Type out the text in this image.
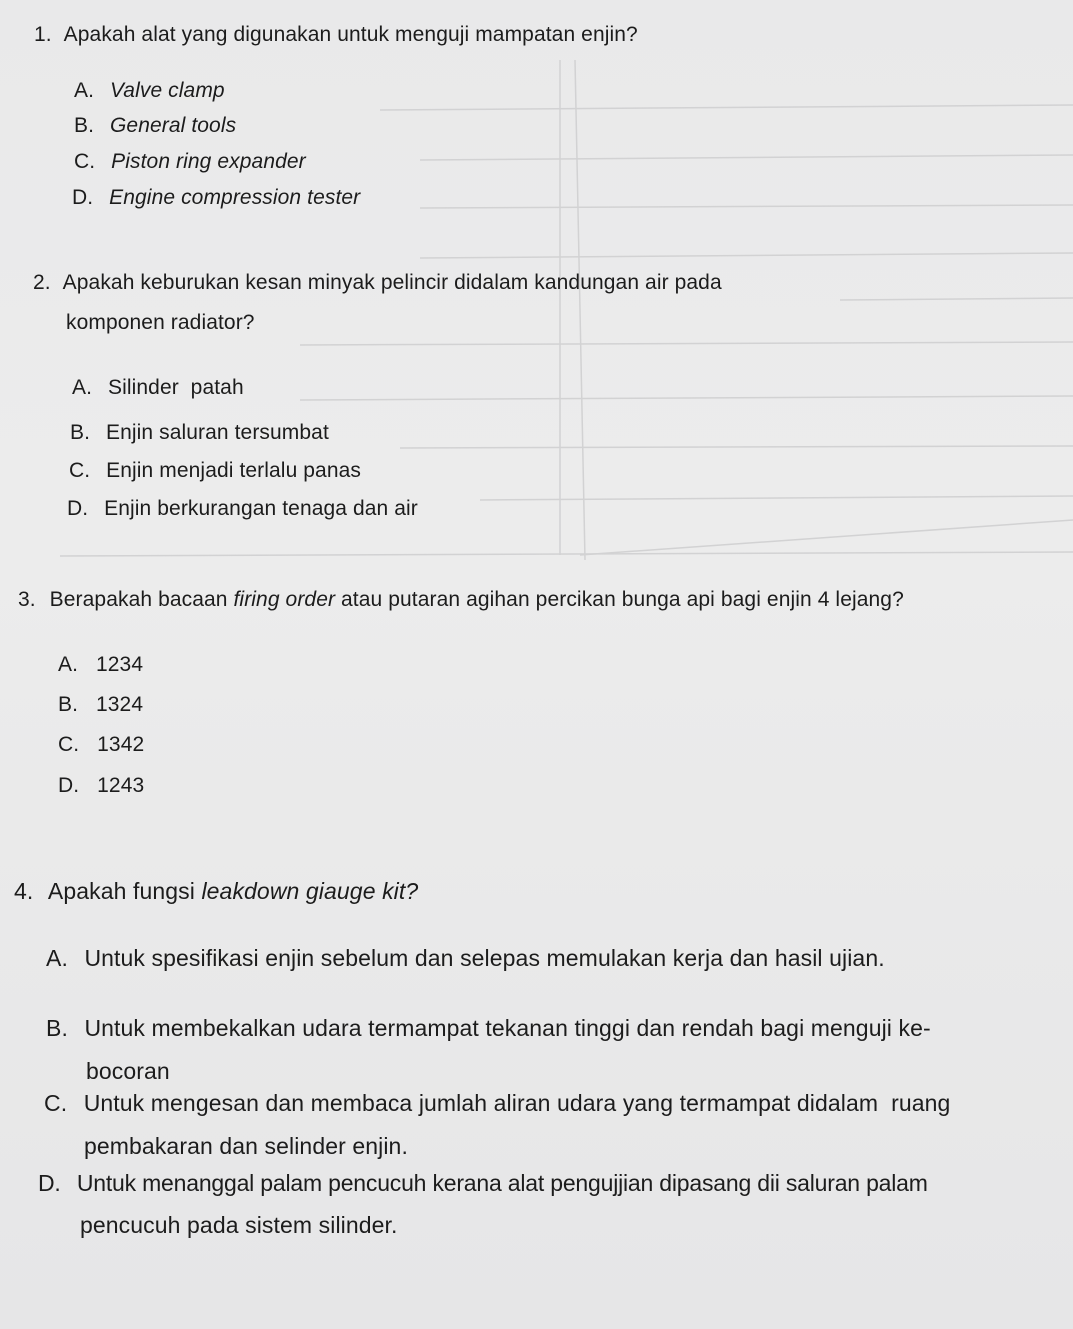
1. Apakah alat yang digunakan untuk menguji mampatan enjin?
A. Valve clamp
B. General tools
C. Piston ring expander
D. Engine compression tester
2. Apakah keburukan kesan minyak pelincir didalam kandungan air pada
komponen radiator?
A. Silinder  patah
B. Enjin saluran tersumbat
C. Enjin menjadi terlalu panas
D. Enjin berkurangan tenaga dan air
3. Berapakah bacaan firing order atau putaran agihan percikan bunga api bagi enjin 4 lejang?
A. 1234
B. 1324
C. 1342
D. 1243
4. Apakah fungsi leakdown giauge kit?
A. Untuk spesifikasi enjin sebelum dan selepas memulakan kerja dan hasil ujian.
B. Untuk membekalkan udara termampat tekanan tinggi dan rendah bagi menguji ke-
bocoran
C. Untuk mengesan dan membaca jumlah aliran udara yang termampat didalam  ruang
pembakaran dan selinder enjin.
D. Untuk menanggal palam pencucuh kerana alat pengujjian dipasang dii saluran palam
pencucuh pada sistem silinder.
